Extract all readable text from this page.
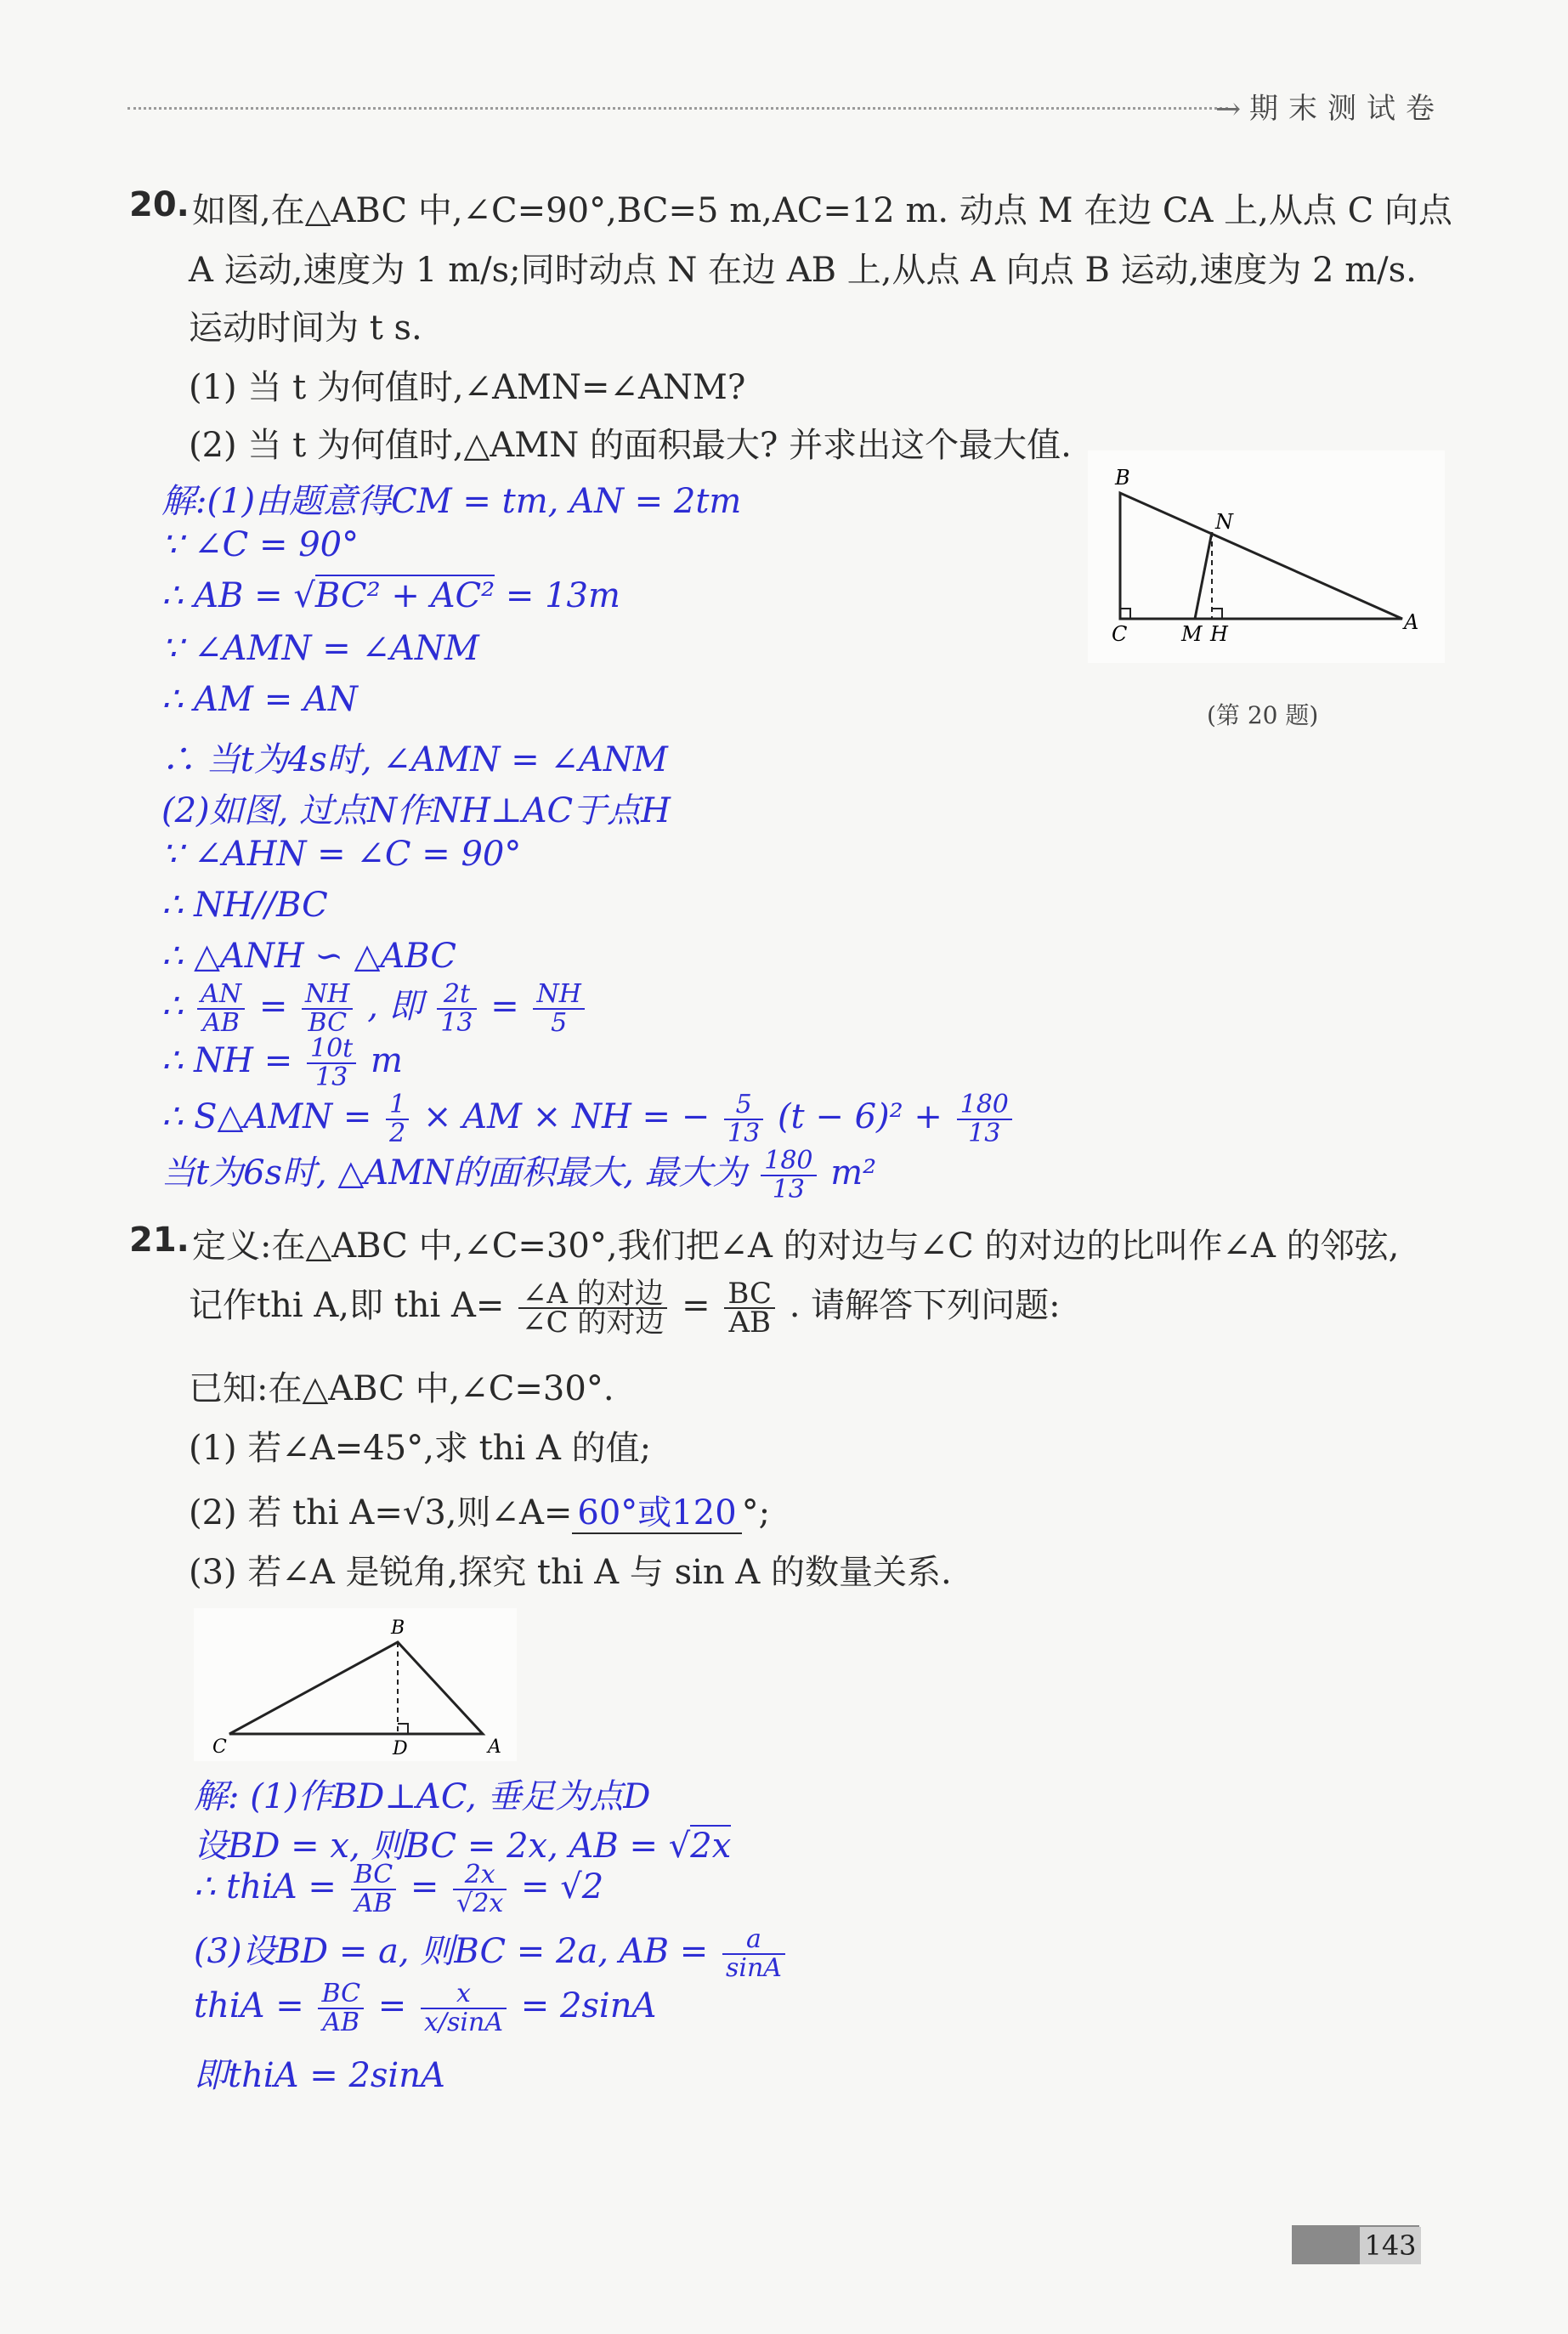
→ 期末测试卷
20. 如图,在△ABC 中,∠C=90°,BC=5 m,AC=12 m. 动点 M 在边 CA 上,从点 C 向点
A 运动,速度为 1 m/s;同时动点 N 在边 AB 上,从点 A 向点 B 运动,速度为 2 m/s.
运动时间为 t s.
(1) 当 t 为何值时,∠AMN=∠ANM?
(2) 当 t 为何值时,△AMN 的面积最大? 并求出这个最大值.
B
N
C	M H	A
(第 20 题)
解:(1)由题意得CM = tm, AN = 2tm
∵ ∠C = 90°
∴ AB = √BC² + AC² = 13m
∵ ∠AMN = ∠ANM
∴ AM = AN
∴ 当t为4s时, ∠AMN = ∠ANM
(2)如图, 过点N作NH⊥AC于点H
∵ ∠AHN = ∠C = 90°
∴ NH//BC
∴ △ANH ∽ △ABC
∴ $\frac{AN}{AB} = \frac{NH}{BC}$ , 即 $\frac{2t}{13} = \frac{NH}{5}$
∴ NH = $\frac{10t}{13}$ m
∴ S△AMN = $\frac{1}{2}$ × AM × NH = − $\frac{5}{13} (t - 6)^2 + \frac{180}{13}$
当t为6s时, △AMN的面积最大, 最大为 $\frac{180}{13} m^2$
21. 定义:在△ABC 中,∠C=30°,我们把∠A 的对边与∠C 的对边的比叫作∠A 的邻弦,
记作thi A,即 thi $A= \frac{\text{∠A 的对边}}{\text{∠C 的对边}} = \frac{BC}{AB}$ . 请解答下列问题:
已知:在△ABC 中,∠C=30°.
(1) 若∠A=45°,求 thi A 的值;
(2) 若 thi A=√3,则∠A= 60°或120 °;
(3) 若∠A 是锐角,探究 thi A 与 sin A 的数量关系.
B
C	D	A
解: (1)作BD⊥AC, 垂足为点D
设BD = x, 则BC = 2x, AB = √2x
∴ thiA = $\frac{BC}{AB} = \frac{2x}{√2x} = √2$
(3)设BD = a, 则BC = 2a, AB = $\frac{a}{\sin A}$
thiA = $\frac{BC}{AB} = \frac{x}{x/\sin A} = 2\sin A$
即thiA = 2sinA
143
